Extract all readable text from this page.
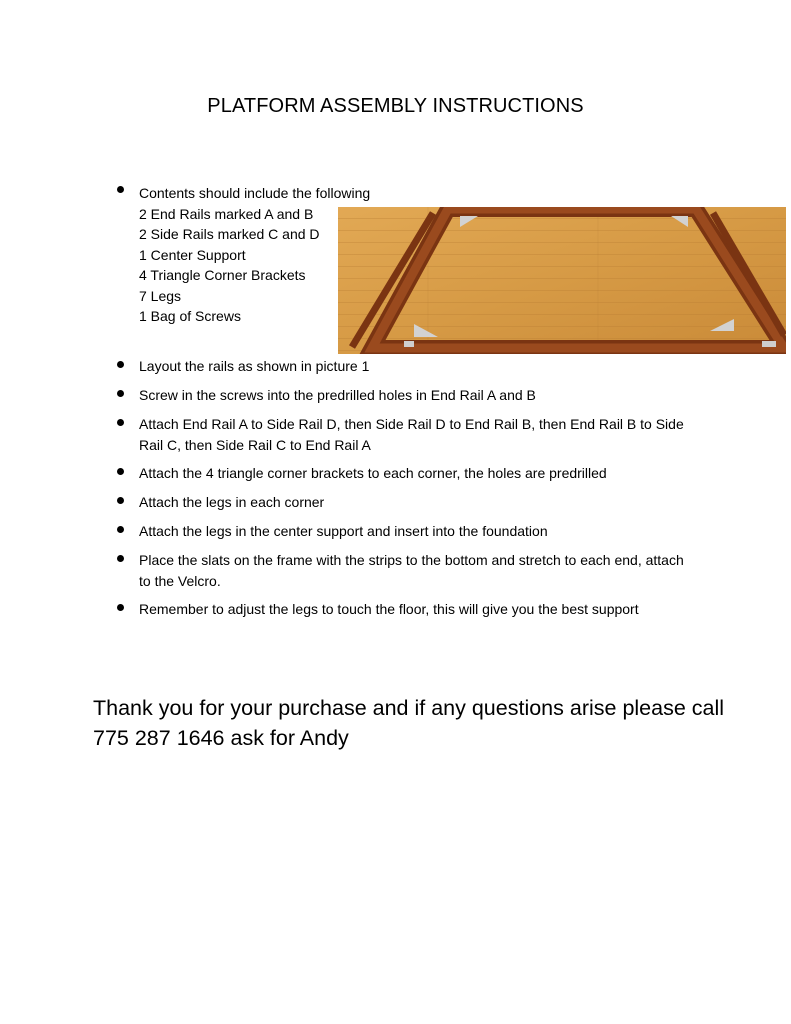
PLATFORM ASSEMBLY INSTRUCTIONS
Contents should include the following
2 End Rails marked A and B
2 Side Rails marked C and D
1 Center Support
4 Triangle Corner Brackets
7 Legs
1 Bag of Screws
Layout the rails as shown in picture 1
Screw in the screws into the predrilled holes in End Rail A and B
Attach End Rail A to Side Rail D, then Side Rail D to End Rail B, then End Rail B to Side Rail C, then Side Rail C to End Rail A
Attach the 4 triangle corner brackets to each corner, the holes are predrilled
Attach the legs in each corner
Attach the legs in the center support and insert into the foundation
Place the slats on the frame with the strips to the bottom and stretch to each end, attach to the Velcro.
Remember to adjust the legs to touch the floor, this will give you the best support
Thank you for your purchase and if any questions arise please call 775 287 1646 ask for Andy
